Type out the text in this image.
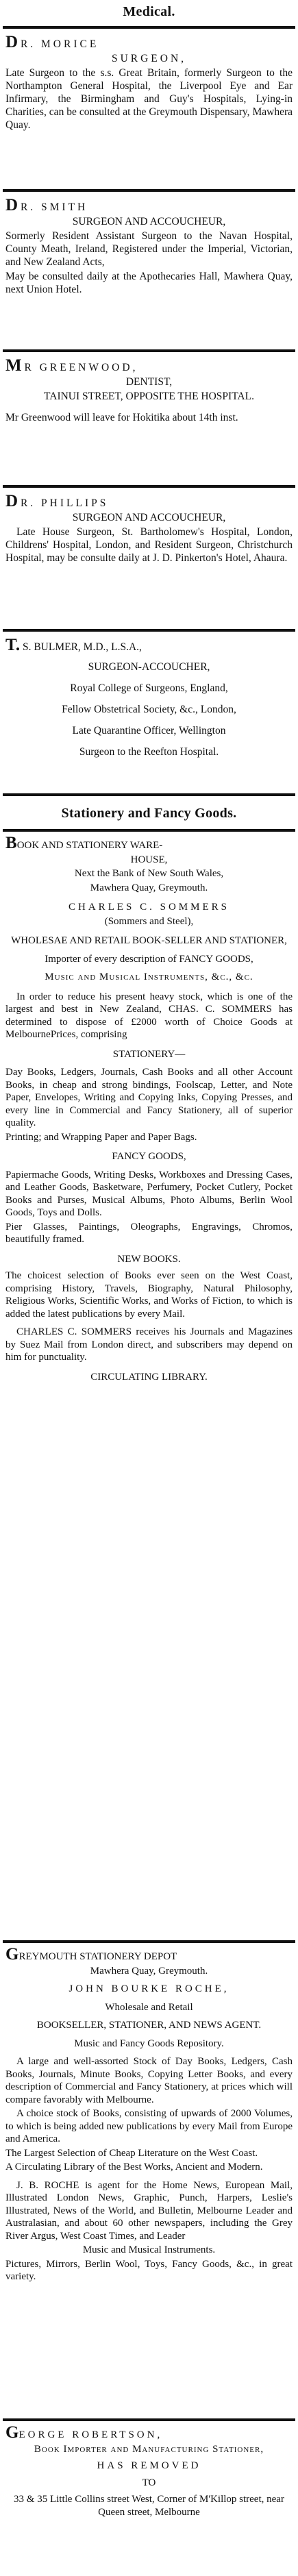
Medical.

D R. MORICE

SURGEON,

Late Surgeon to the s.s. Great Britain, formerly Surgeon to the Northampton General Hospital, the Liverpool Eye and Ear Infirmary, the Birmingham and Guy's Hospitals, Lying-in Charities, can be consulted at the Greymouth Dispensary, Mawhera Quay.

D R. SMITH

SURGEON AND ACCOUCHEUR,

Sormerly Resident Assistant Surgeon to the Navan Hospital, County Meath, Ireland, Registered under the Imperial, Victorian, and New Zealand Acts,

May be consulted daily at the Apothecaries Hall, Mawhera Quay, next Union Hotel.

M R GREENWOOD,

DENTIST,

TAINUI STREET, OPPOSITE THE HOSPITAL.

Mr Greenwood will leave for Hokitika about 14th inst.

D R. PHILLIPS

SURGEON AND ACCOUCHEUR,

Late House Surgeon, St. Bartholomew's Hospital, London, Childrens' Hospital, London, and Resident Surgeon, Christchurch Hospital, may be consulte daily at J. D. Pinkerton's Hotel, Ahaura.

T. S. BULMER, M.D., L.S.A.,

SURGEON-ACCOUCHER,

Royal College of Surgeons, England,

Fellow Obstetrical Society, &c., London,

Late Quarantine Officer, Wellington

Surgeon to the Reefton Hospital.

Stationery and Fancy Goods.

BOOK AND STATIONERY WARE-

HOUSE,

Next the Bank of New South Wales,

Mawhera Quay, Greymouth.

CHARLES C. SOMMERS

(Sommers and Steel),

WHOLESAE AND RETAIL BOOK-SELLER AND STATIONER,

Importer of every description of FANCY GOODS,

Music and Musical Instruments, &c., &c.

In order to reduce his present heavy stock, which is one of the largest and best in New Zealand, CHAS. C. SOMMERS has determined to dispose of £2000 worth of Choice Goods at MelbournePrices, comprising

STATIONERY—

Day Books, Ledgers, Journals, Cash Books and all other Account Books, in cheap and strong bindings, Foolscap, Letter, and Note Paper, Envelopes, Writing and Copying Inks, Copying Presses, and every line in Commercial and Fancy Stationery, all of superior quality.

Printing; and Wrapping Paper and Paper Bags.

FANCY GOODS,

Papiermache Goods, Writing Desks, Workboxes and Dressing Cases, and Leather Goods, Basketware, Perfumery, Pocket Cutlery, Pocket Books and Purses, Musical Albums, Photo Albums, Berlin Wool Goods, Toys and Dolls.

Pier Glasses, Paintings, Oleographs, Engravings, Chromos, beautifully framed.

NEW BOOKS.

The choicest selection of Books ever seen on the West Coast, comprising History, Travels, Biography, Natural Philosophy, Religious Works, Scientific Works, and Works of Fiction, to which is added the latest publications by every Mail.

CHARLES C. SOMMERS receives his Journals and Magazines by Suez Mail from London direct, and subscribers may depend on him for punctuality.

CIRCULATING LIBRARY.

GREYMOUTH STATIONERY DEPOT

Mawhera Quay, Greymouth.

JOHN BOURKE ROCHE,

Wholesale and Retail

BOOKSELLER, STATIONER, AND NEWS AGENT.

Music and Fancy Goods Repository.

A large and well-assorted Stock of Day Books, Ledgers, Cash Books, Journals, Minute Books, Copying Letter Books, and every description of Commercial and Fancy Stationery, at prices which will compare favorably with Melbourne.

A choice stock of Books, consisting of upwards of 2000 Volumes, to which is being added new publications by every Mail from Europe and America.

The Largest Selection of Cheap Literature on the West Coast.

A Circulating Library of the Best Works, Ancient and Modern.

J. B. ROCHE is agent for the Home News, European Mail, Illustrated London News, Graphic, Punch, Harpers, Leslie's Illustrated, News of the World, and Bulletin, Melbourne Leader and Australasian, and about 60 other newspapers, including the Grey River Argus, West Coast Times, and Leader

Music and Musical Instruments.

Pictures, Mirrors, Berlin Wool, Toys, Fancy Goods, &c., in great variety.

GEORGE ROBERTSON,

Book Importer and Manufacturing Stationer,

HAS REMOVED

TO

33 & 35 Little Collins street West, Corner of M'Killop street, near Queen street, Melbourne
